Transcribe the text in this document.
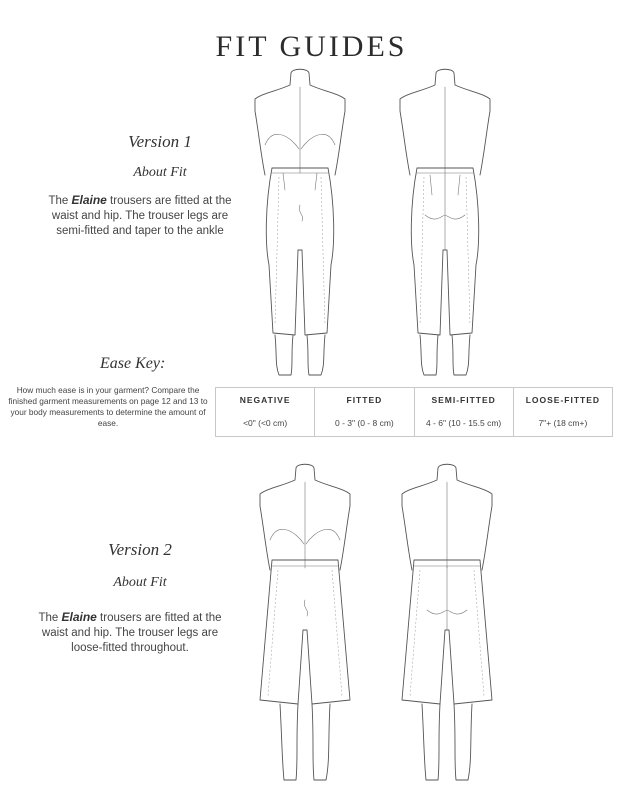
FIT GUIDES
Version 1
About Fit
The Elaine trousers are fitted at the waist and hip. The trouser legs are semi-fitted and taper to the ankle
Ease Key:
How much ease is in your garment? Compare the finished garment measurements on page 12 and 13 to your body measurements to determine the amount of ease.
NEGATIVE
<0" (<0 cm)
FITTED
0 - 3" (0 - 8 cm)
SEMI-FITTED
4 - 6" (10 - 15.5 cm)
LOOSE-FITTED
7"+ (18 cm+)
Version 2
About Fit
The Elaine trousers are fitted at the waist and hip. The trouser legs are loose-fitted throughout.
